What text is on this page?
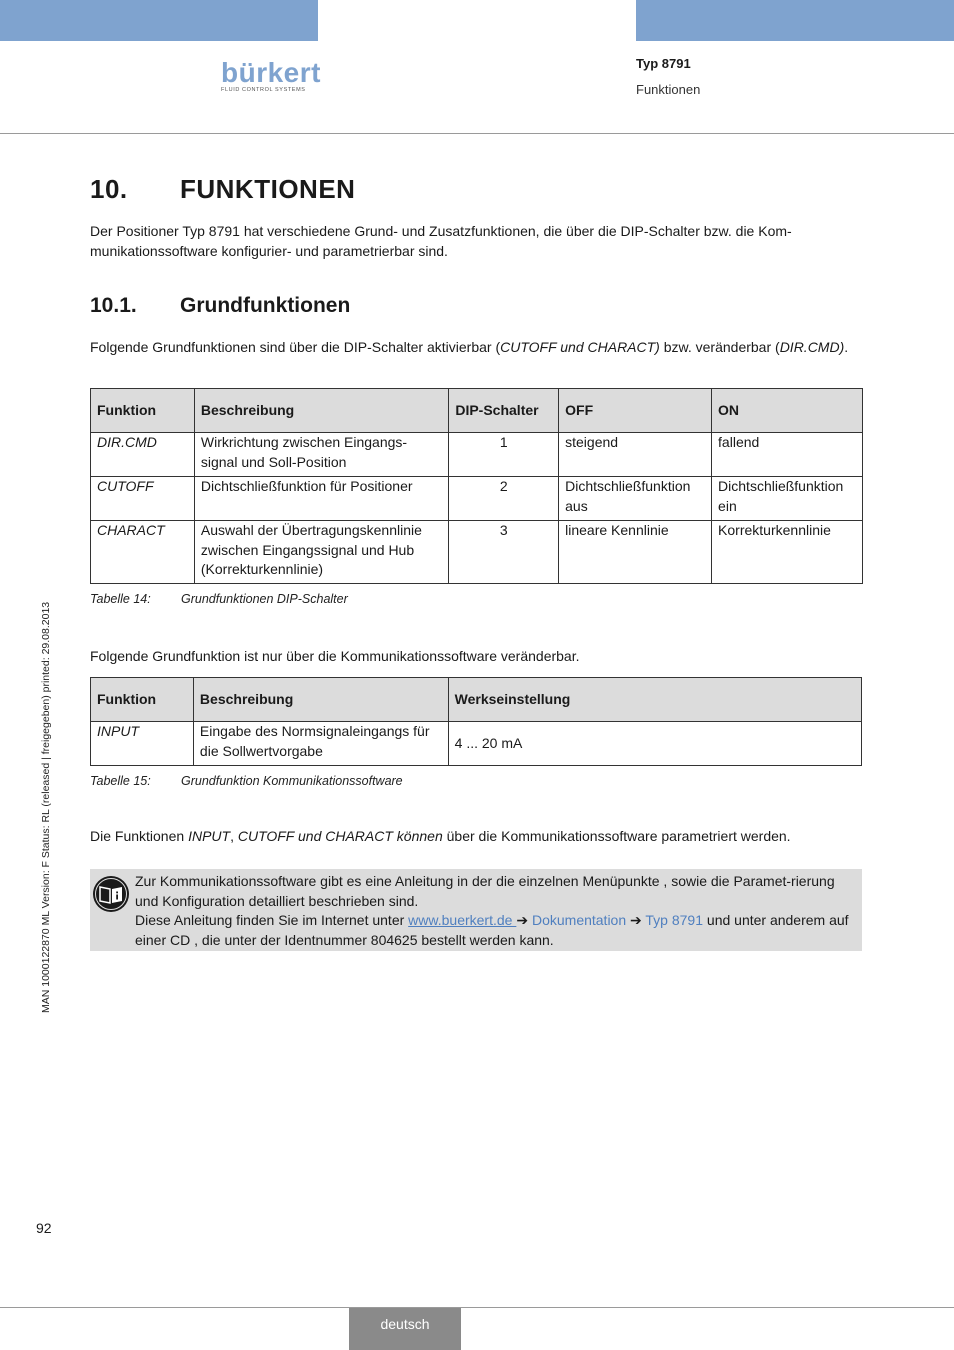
bürkert
FLUID CONTROL SYSTEMS
Typ 8791
Funktionen
MAN 1000122870 ML Version: F Status: RL (released | freigegeben) printed: 29.08.2013
10. FUNKTIONEN
Der Positioner Typ 8791 hat verschiedene Grund- und Zusatzfunktionen, die über die DIP-Schalter bzw. die Kom-munikationssoftware konfigurier- und parametrierbar sind.
10.1. Grundfunktionen
Folgende Grundfunktionen sind über die DIP-Schalter aktivierbar (CUTOFF und CHARACT) bzw. veränderbar (DIR.CMD).
Funktion	Beschreibung	DIP-Schalter	OFF	ON
DIR.CMD	Wirkrichtung zwischen Eingangs-signal und Soll-Position	1	steigend	fallend
CUTOFF	Dichtschließfunktion für Positioner	2	Dichtschließfunktion aus	Dichtschließfunktion ein
CHARACT	Auswahl der Übertragungskennlinie zwischen Eingangssignal und Hub (Korrekturkennlinie)	3	lineare Kennlinie	Korrekturkennlinie
Tabelle 14: Grundfunktionen DIP-Schalter
Folgende Grundfunktion ist nur über die Kommunikationssoftware veränderbar.
Funktion	Beschreibung	Werkseinstellung
INPUT	Eingabe des Normsignaleingangs für die Sollwertvorgabe	4 ... 20 mA
Tabelle 15: Grundfunktion Kommunikationssoftware
Die Funktionen INPUT, CUTOFF und CHARACT können über die Kommunikationssoftware parametriert werden.
Zur Kommunikationssoftware gibt es eine Anleitung in der die einzelnen Menüpunkte , sowie die Paramet-rierung und Konfiguration detailliert beschrieben sind.
Diese Anleitung finden Sie im Internet unter www.buerkert.de ➔ Dokumentation ➔ Typ 8791 und unter anderem auf einer CD , die unter der Identnummer 804625 bestellt werden kann.
92
deutsch
